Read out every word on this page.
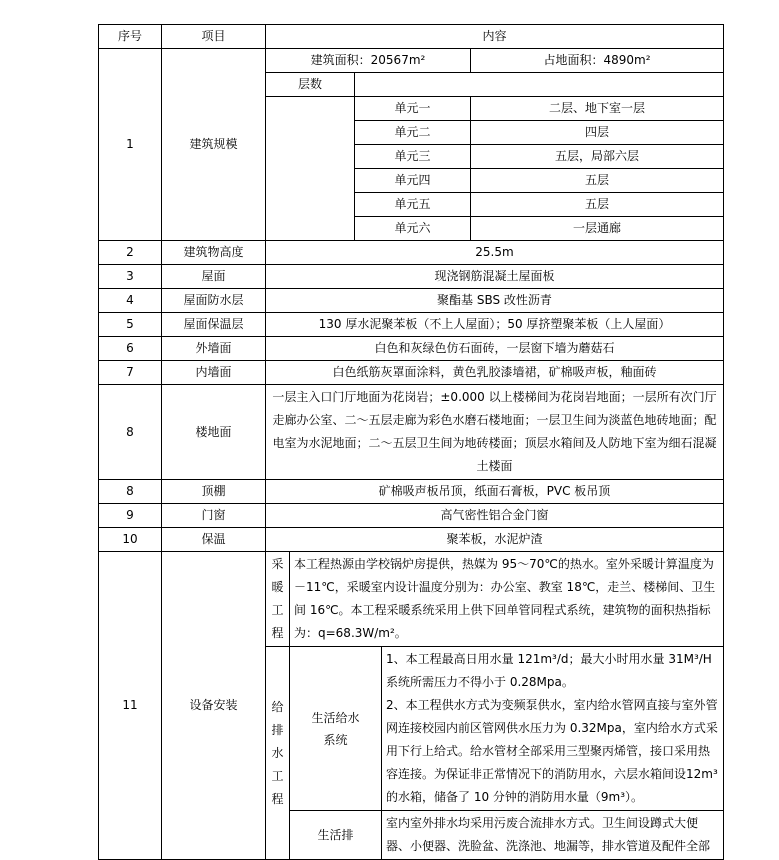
序号	项目	内容				
1	建筑规模	建筑面积：20567m²				占地面积：4890m²
		层数				
				单元一		二层、地下室一层
				单元二		四层
				单元三		五层，局部六层
				单元四		五层
				单元五		五层
				单元六		一层通廊
2	建筑物高度	25.5m				
3	屋面	现浇钢筋混凝土屋面板				
4	屋面防水层	聚酯基 SBS 改性沥青				
5	屋面保温层	130 厚水泥聚苯板（不上人屋面）；50 厚挤塑聚苯板（上人屋面）				
6	外墙面	白色和灰绿色仿石面砖，一层窗下墙为蘑菇石				
7	内墙面	白色纸筋灰罩面涂料，黄色乳胶漆墙裙，矿棉吸声板，釉面砖				
8	楼地面	一层主入口门厅地面为花岗岩；±0.000 以上楼梯间为花岗岩地面；一层所有次门厅走廊办公室、二～五层走廊为彩色水磨石楼地面；一层卫生间为淡蓝色地砖地面；配电室为水泥地面；二～五层卫生间为地砖楼面；顶层水箱间及人防地下室为细石混凝土楼面				
8	顶棚	矿棉吸声板吊顶，纸面石膏板，PVC 板吊顶				
9	门窗	高气密性铝合金门窗				
10	保温	聚苯板，水泥炉渣				
11	设备安装	采暖工程	本工程热源由学校锅炉房提供，热媒为 95～70℃的热水。室外采暖计算温度为－11℃，采暖室内设计温度分别为：办公室、教室 18℃，走兰、楼梯间、卫生间 16℃。本工程采暖系统采用上供下回单管同程式系统，建筑物的面积热指标为：q=68.3W/m²。			
		给排水工程	生活给水系统		1、本工程最高日用水量 121m³/d；最大小时用水量 31M³/H系统所需压力不得小于 0.28Mpa。
2、本工程供水方式为变频泵供水，室内给水管网直接与室外管网连接校园内前区管网供水压力为 0.32Mpa，室内给水方式采用下行上给式。给水管材全部采用三型聚丙烯管，接口采用热容连接。为保证非正常情况下的消防用水，六层水箱间设12m³的水箱，储备了 10 分钟的消防用水量（9m³）。	

			生活排		室内室外排水均采用污废合流排水方式。卫生间设蹲式大便器、小便器、洗脸盆、洗涤池、地漏等，排水管道及配件全部	
